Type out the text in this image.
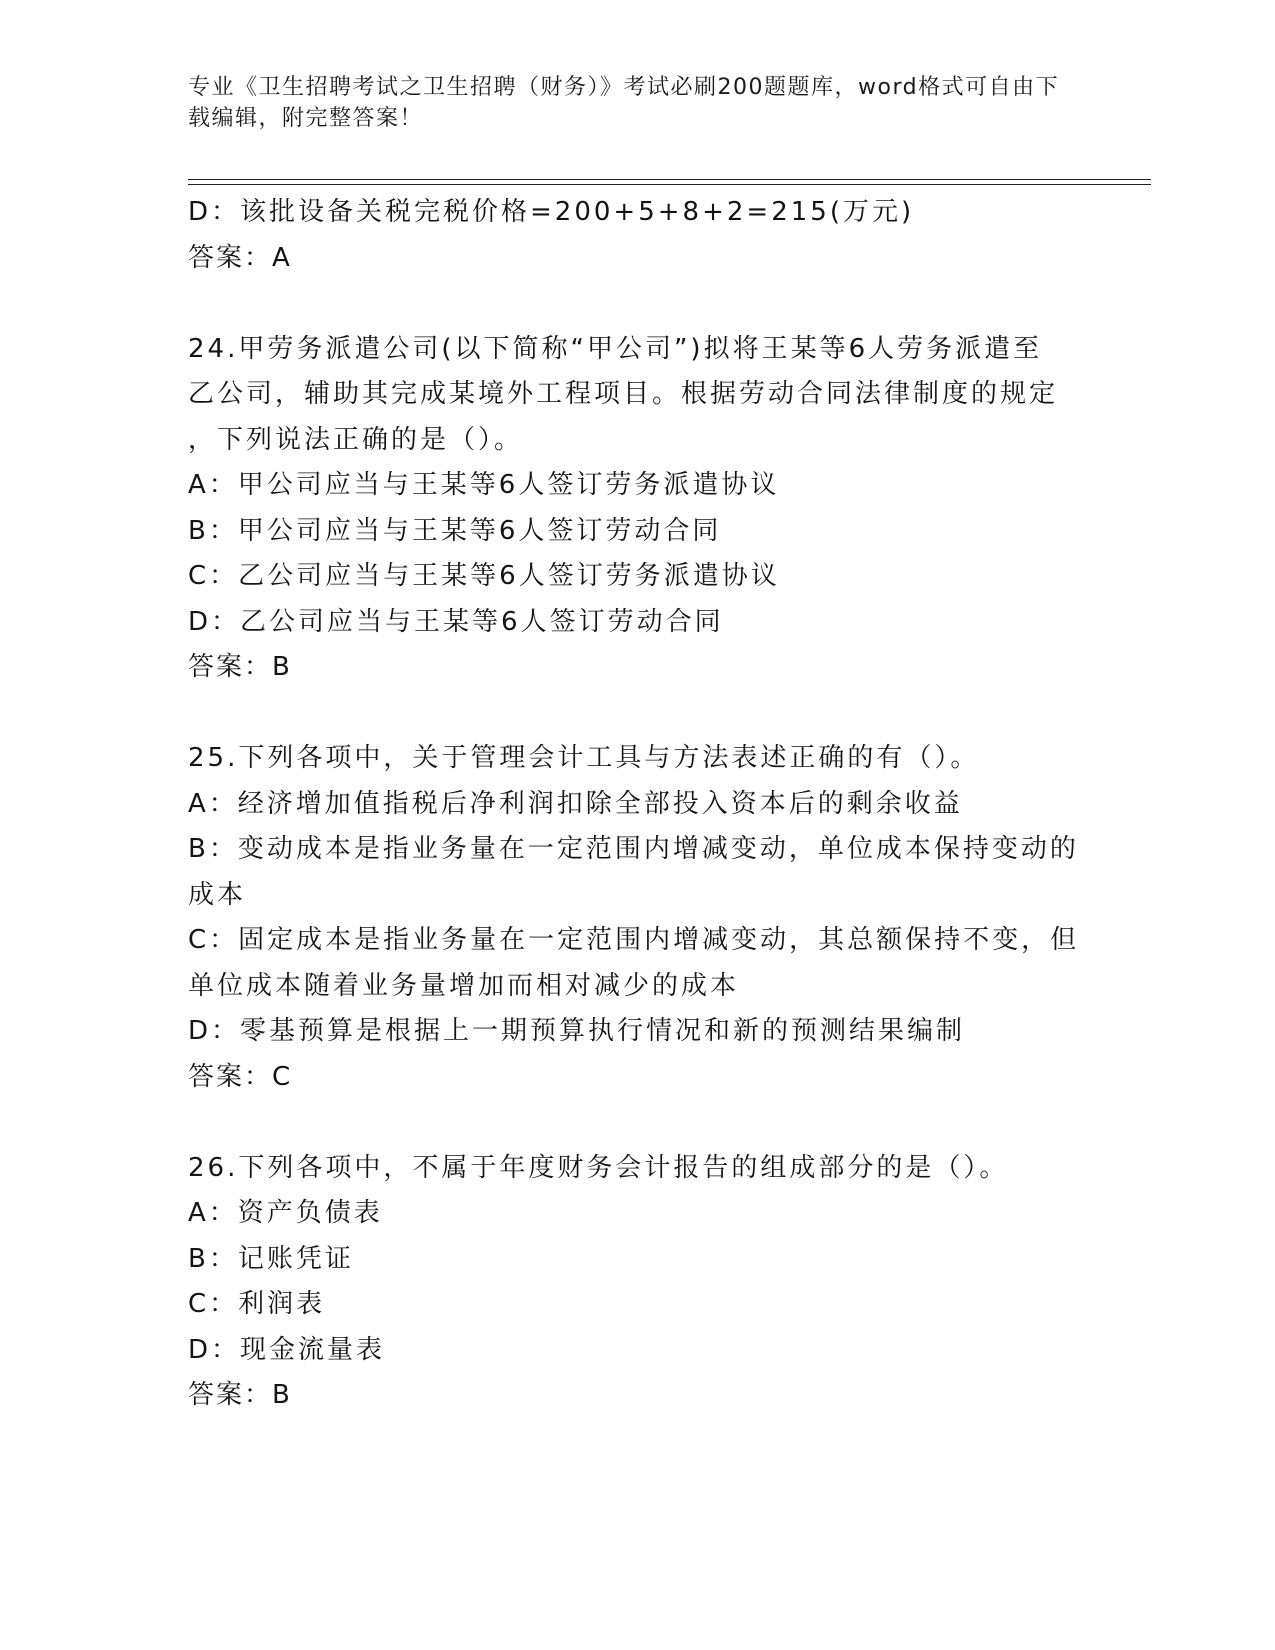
专业《卫生招聘考试之卫生招聘（财务）》考试必刷200题题库，word格式可自由下载编辑，附完整答案！
D：该批设备关税完税价格=200+5+8+2=215(万元)
答案：A
24.甲劳务派遣公司(以下简称“甲公司”)拟将王某等6人劳务派遣至
乙公司，辅助其完成某境外工程项目。根据劳动合同法律制度的规定
，下列说法正确的是（）。
A：甲公司应当与王某等6人签订劳务派遣协议
B：甲公司应当与王某等6人签订劳动合同
C：乙公司应当与王某等6人签订劳务派遣协议
D：乙公司应当与王某等6人签订劳动合同
答案：B
25.下列各项中，关于管理会计工具与方法表述正确的有（）。
A：经济增加值指税后净利润扣除全部投入资本后的剩余收益
B：变动成本是指业务量在一定范围内增减变动，单位成本保持变动的
成本
C：固定成本是指业务量在一定范围内增减变动，其总额保持不变，但
单位成本随着业务量增加而相对减少的成本
D：零基预算是根据上一期预算执行情况和新的预测结果编制
答案：C
26.下列各项中，不属于年度财务会计报告的组成部分的是（）。
A：资产负债表
B：记账凭证
C：利润表
D：现金流量表
答案：B
